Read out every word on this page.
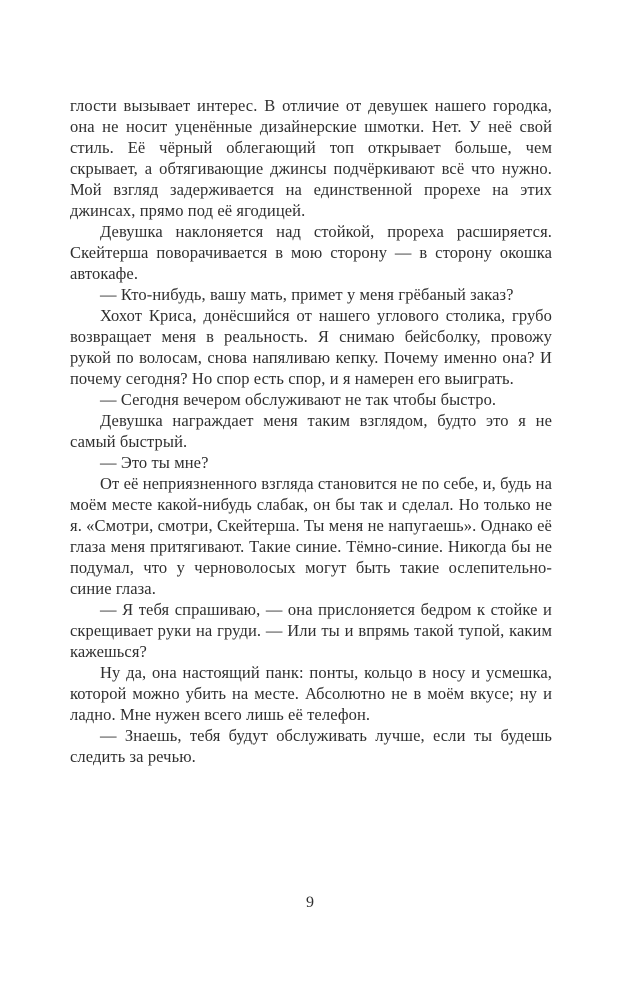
глости вызывает интерес. В отличие от девушек нашего городка, она не носит уценённые дизайнерские шмотки. Нет. У неё свой стиль. Её чёрный облегающий топ открывает больше, чем скрывает, а обтягивающие джинсы подчёркивают всё что нужно. Мой взгляд задерживается на единственной прорехе на этих джинсах, прямо под её ягодицей.

Девушка наклоняется над стойкой, прореха расширяется. Скейтерша поворачивается в мою сторону — в сторону окошка автокафе.

— Кто-нибудь, вашу мать, примет у меня грёбаный заказ?

Хохот Криса, донёсшийся от нашего углового столика, грубо возвращает меня в реальность. Я снимаю бейсболку, провожу рукой по волосам, снова напяливаю кепку. Почему именно она? И почему сегодня? Но спор есть спор, и я намерен его выиграть.

— Сегодня вечером обслуживают не так чтобы быстро.

Девушка награждает меня таким взглядом, будто это я не самый быстрый.

— Это ты мне?

От её неприязненного взгляда становится не по себе, и, будь на моём месте какой-нибудь слабак, он бы так и сделал. Но только не я. «Смотри, смотри, Скейтерша. Ты меня не напугаешь». Однако её глаза меня притягивают. Такие синие. Тёмно-синие. Никогда бы не подумал, что у черноволосых могут быть такие ослепительно-синие глаза.

— Я тебя спрашиваю, — она прислоняется бедром к стойке и скрещивает руки на груди. — Или ты и впрямь такой тупой, каким кажешься?

Ну да, она настоящий панк: понты, кольцо в носу и усмешка, которой можно убить на месте. Абсолютно не в моём вкусе; ну и ладно. Мне нужен всего лишь её телефон.

— Знаешь, тебя будут обслуживать лучше, если ты будешь следить за речью.

9
